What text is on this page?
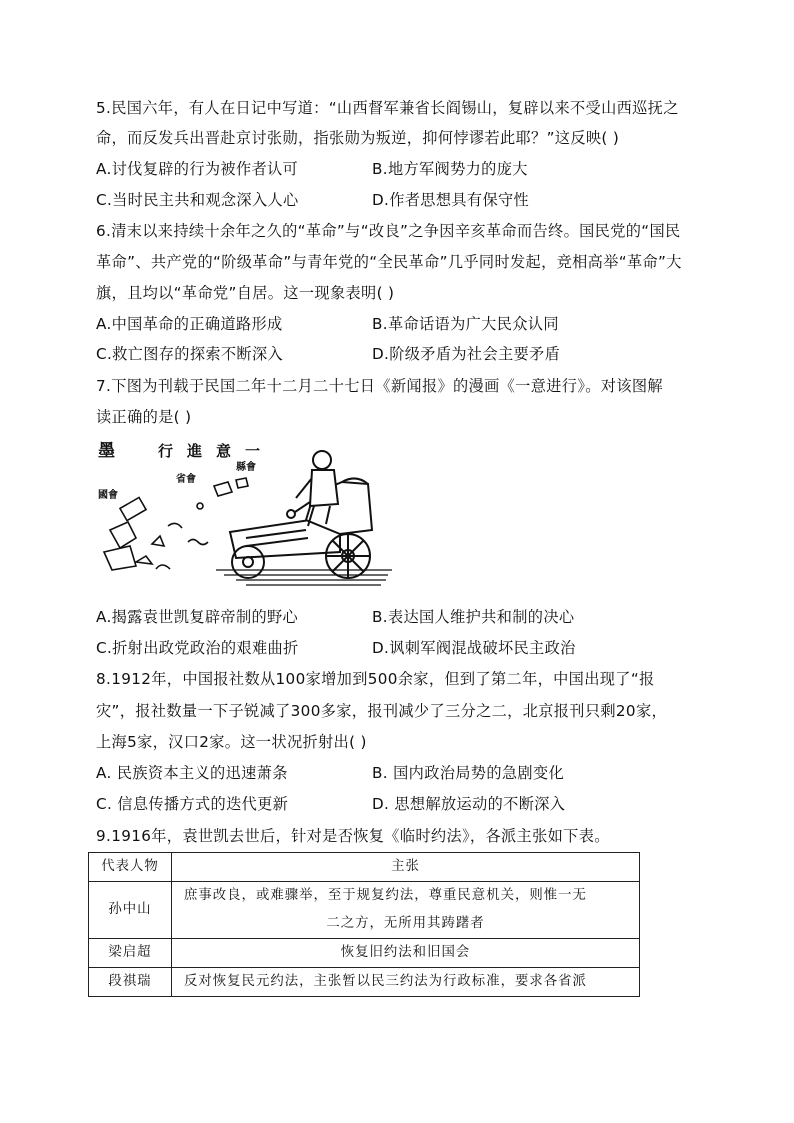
5.民国六年，有人在日记中写道：“山西督军兼省长阎锡山，复辟以来不受山西巡抚之
命，而反发兵出晋赴京讨张勋，指张勋为叛逆，抑何悖谬若此耶？”这反映( )
A.讨伐复辟的行为被作者认可	B.地方军阀势力的庞大
C.当时民主共和观念深入人心	D.作者思想具有保守性
6.清末以来持续十余年之久的“革命”与“改良”之争因辛亥革命而告终。国民党的“国民
革命”、共产党的“阶级革命”与青年党的“全民革命”几乎同时发起，竞相高举“革命”大
旗，且均以“革命党”自居。这一现象表明( )
A.中国革命的正确道路形成	B.革命话语为广大民众认同
C.救亡图存的探索不断深入	D.阶级矛盾为社会主要矛盾
7.下图为刊载于民国二年十二月二十七日《新闻报》的漫画《一意进行》。对该图解
读正确的是( )
墨	行進意一
國會
省會
縣會
A.揭露袁世凯复辟帝制的野心	B.表达国人维护共和制的决心
C.折射出政党政治的艰难曲折	D.讽刺军阀混战破坏民主政治
8.1912年，中国报社数从100家增加到500余家，但到了第二年，中国出现了“报
灾”，报社数量一下子锐减了300多家，报刊减少了三分之二，北京报刊只剩20家，
上海5家，汉口2家。这一状况折射出( )
A. 民族资本主义的迅速萧条	B. 国内政治局势的急剧变化
C. 信息传播方式的迭代更新	D. 思想解放运动的不断深入
9.1916年，袁世凯去世后，针对是否恢复《临时约法》，各派主张如下表。
代表人物	主张
孙中山	庶事改良，或难骤举，至于规复约法，尊重民意机关，则惟一无
二之方，无所用其踌躇者

梁启超	恢复旧约法和旧国会
段祺瑞	反对恢复民元约法，主张暂以民三约法为行政标准，要求各省派
